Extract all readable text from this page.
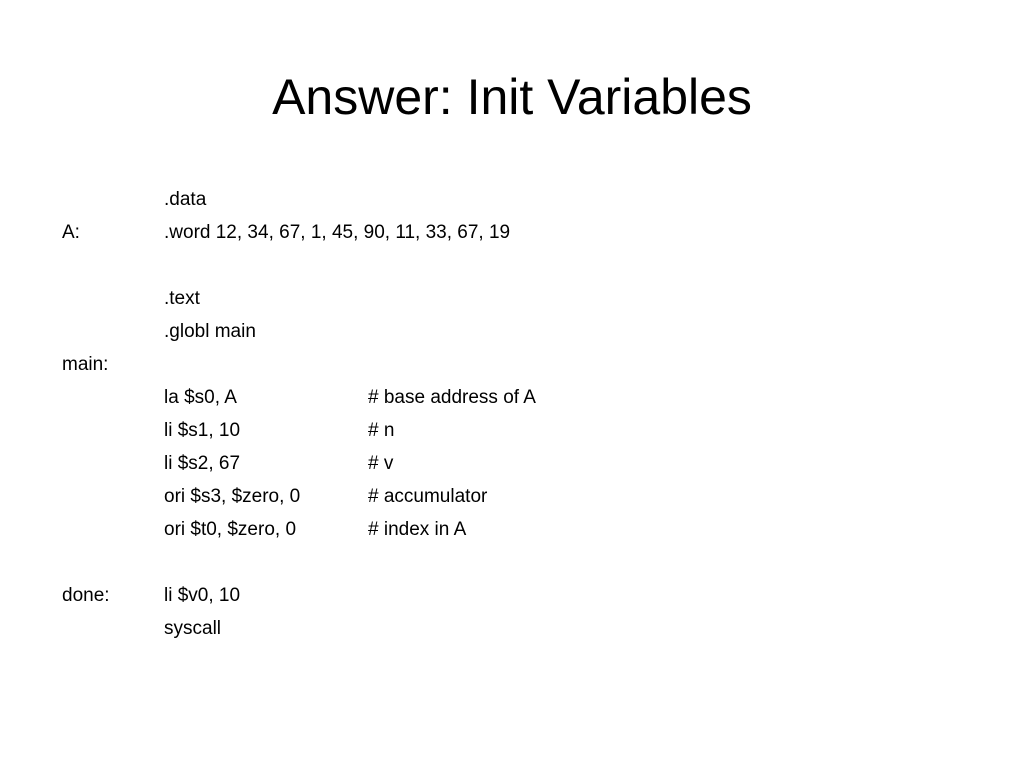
Answer: Init Variables
.data
A:	.word 12, 34, 67, 1, 45, 90, 11, 33, 67, 19
.text
.globl main
main:
la $s0, A	# base address of A
li $s1, 10	# n
li $s2, 67	# v
ori $s3, $zero, 0	# accumulator
ori $t0, $zero, 0	# index in A
done:	li $v0, 10
syscall
